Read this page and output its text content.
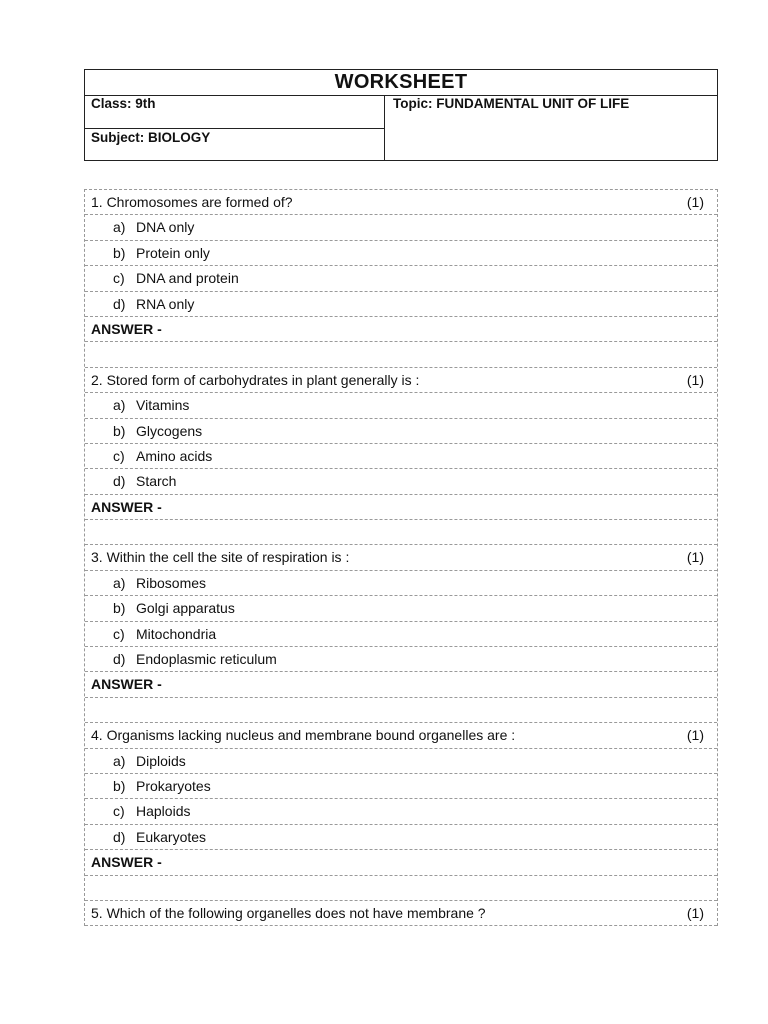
WORKSHEET
Class: 9th
Subject: BIOLOGY
Topic: FUNDAMENTAL UNIT OF LIFE
1. Chromosomes are formed of?	(1)
a) DNA only
b) Protein only
c) DNA and protein
d) RNA only
ANSWER -
2. Stored form of carbohydrates in plant generally is :	(1)
a) Vitamins
b) Glycogens
c) Amino acids
d) Starch
ANSWER -
3. Within the cell the site of respiration is :	(1)
a) Ribosomes
b) Golgi apparatus
c) Mitochondria
d) Endoplasmic reticulum
ANSWER -
4. Organisms lacking nucleus and membrane bound organelles are :	(1)
a) Diploids
b) Prokaryotes
c) Haploids
d) Eukaryotes
ANSWER -
5. Which of the following organelles does not have membrane ?	(1)
